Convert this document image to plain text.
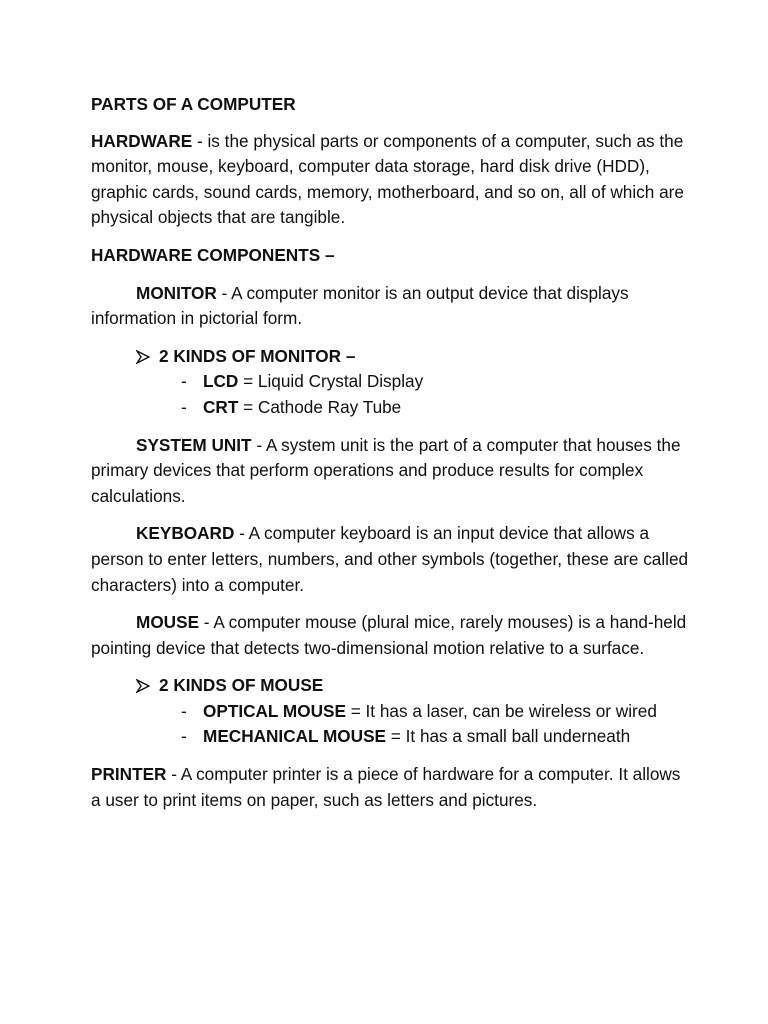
PARTS OF A COMPUTER

HARDWARE - is the physical parts or components of a computer, such as the monitor, mouse, keyboard, computer data storage, hard disk drive (HDD), graphic cards, sound cards, memory, motherboard, and so on, all of which are physical objects that are tangible.

HARDWARE COMPONENTS –

MONITOR - A computer monitor is an output device that displays information in pictorial form.

2 KINDS OF MONITOR –
- LCD = Liquid Crystal Display
- CRT = Cathode Ray Tube

SYSTEM UNIT - A system unit is the part of a computer that houses the primary devices that perform operations and produce results for complex calculations.

KEYBOARD - A computer keyboard is an input device that allows a person to enter letters, numbers, and other symbols (together, these are called characters) into a computer.

MOUSE - A computer mouse (plural mice, rarely mouses) is a hand-held pointing device that detects two-dimensional motion relative to a surface.

2 KINDS OF MOUSE
- OPTICAL MOUSE = It has a laser, can be wireless or wired
- MECHANICAL MOUSE = It has a small ball underneath

PRINTER - A computer printer is a piece of hardware for a computer. It allows a user to print items on paper, such as letters and pictures.
